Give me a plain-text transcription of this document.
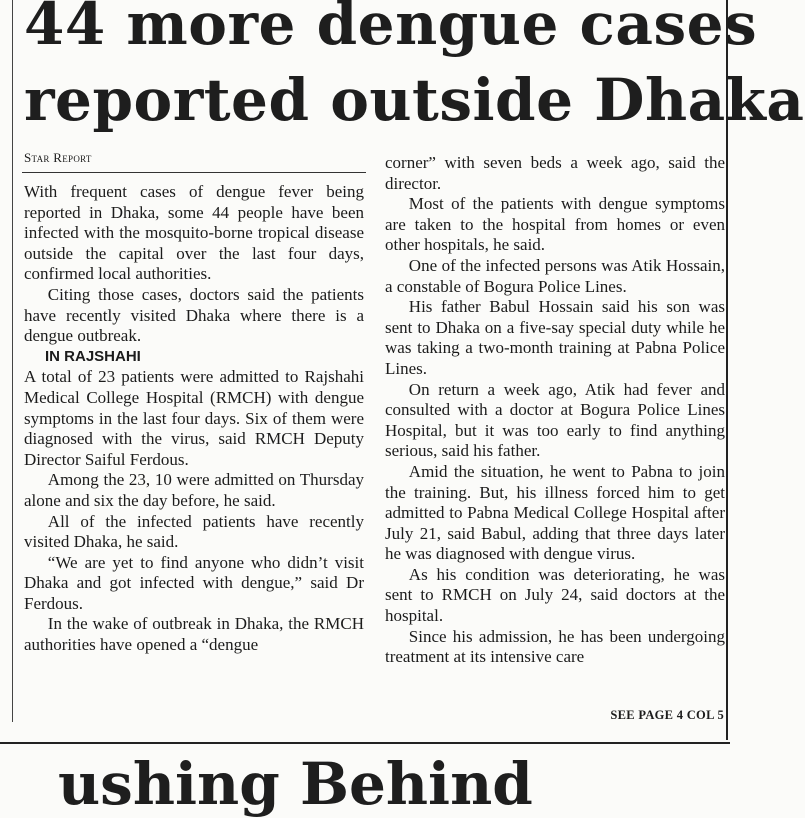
44 more dengue cases
reported outside Dhaka
Star Report

With frequent cases of dengue fever being reported in Dhaka, some 44 people have been infected with the mosquito-borne tropical disease outside the capital over the last four days, confirmed local authorities.

Citing those cases, doctors said the patients have recently visited Dhaka where there is a dengue outbreak.

IN RAJSHAHI

A total of 23 patients were admitted to Rajshahi Medical College Hospital (RMCH) with dengue symptoms in the last four days. Six of them were diagnosed with the virus, said RMCH Deputy Director Saiful Ferdous.

Among the 23, 10 were admitted on Thursday alone and six the day before, he said.

All of the infected patients have recently visited Dhaka, he said.

“We are yet to find anyone who didn’t visit Dhaka and got infected with dengue,” said Dr Ferdous.

In the wake of outbreak in Dhaka, the RMCH authorities have opened a “dengue

corner” with seven beds a week ago, said the director.

Most of the patients with dengue symptoms are taken to the hospital from homes or even other hospitals, he said.

One of the infected persons was Atik Hossain, a constable of Bogura Police Lines.

His father Babul Hossain said his son was sent to Dhaka on a five-say special duty while he was taking a two-month training at Pabna Police Lines.

On return a week ago, Atik had fever and consulted with a doctor at Bogura Police Lines Hospital, but it was too early to find anything serious, said his father.

Amid the situation, he went to Pabna to join the training. But, his illness forced him to get admitted to Pabna Medical College Hospital after July 21, said Babul, adding that three days later he was diagnosed with dengue virus.

As his condition was deteriorating, he was sent to RMCH on July 24, said doctors at the hospital.

Since his admission, he has been undergoing treatment at its intensive care

SEE PAGE 4 COL 5
ushing Behind
